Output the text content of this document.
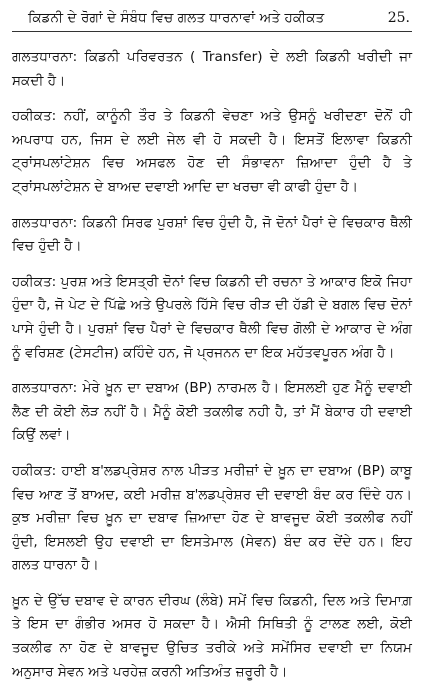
ਕਿਡਨੀ ਦੇ ਰੋਗਾਂ ਦੇ ਸੰਬੰਧ ਵਿਚ ਗਲਤ ਧਾਰਨਾਵਾਂ ਅਤੇ ਹਕੀਕਤ	25.

ਗਲਤਧਾਰਨਾ: ਕਿਡਨੀ ਪਰਿਵਰਤਨ ( Transfer) ਦੇ ਲਈ ਕਿਡਨੀ ਖਰੀਦੀ ਜਾ ਸਕਦੀ ਹੈ।

ਹਕੀਕਤ: ਨਹੀਂ, ਕਾਨੂੰਨੀ ਤੌਰ ਤੇ ਕਿਡਨੀ ਵੇਚਣਾ ਅਤੇ ਉਸਨੂੰ ਖਰੀਦਣਾ ਦੋਨੋਂ ਹੀ ਅਪਰਾਧ ਹਨ, ਜਿਸ ਦੇ ਲਈ ਜੇਲ ਵੀ ਹੋ ਸਕਦੀ ਹੈ। ਇਸਤੋਂ ਇਲਾਵਾ ਕਿਡਨੀ ਟ੍ਰਾਂਸਪਲਾਂਟੇਸ਼ਨ ਵਿਚ ਅਸਫਲ ਹੋਣ ਦੀ ਸੰਭਾਵਨਾ ਜ਼ਿਆਦਾ ਹੁੰਦੀ ਹੈ ਤੇ ਟ੍ਰਾਂਸਪਲਾਂਟੇਸ਼ਨ ਦੇ ਬਾਅਦ ਦਵਾਈ ਆਦਿ ਦਾ ਖਰਚਾ ਵੀ ਕਾਫੀ ਹੁੰਦਾ ਹੈ।

ਗਲਤਧਾਰਨਾ: ਕਿਡਨੀ ਸਿਰਫ ਪੁਰਸ਼ਾਂ ਵਿਚ ਹੁੰਦੀ ਹੈ, ਜੋ ਦੋਨਾਂ ਪੈਰਾਂ ਦੇ ਵਿਚਕਾਰ ਥੈਲੀ ਵਿਚ ਹੁੰਦੀ ਹੈ।

ਹਕੀਕਤ: ਪੁਰਸ਼ ਅਤੇ ਇਸਤ੍ਰੀ ਦੋਨਾਂ ਵਿਚ ਕਿਡਨੀ ਦੀ ਰਚਨਾ ਤੇ ਆਕਾਰ ਇਕੋ ਜਿਹਾ ਹੁੰਦਾ ਹੈ, ਜੋ ਪੇਟ ਦੇ ਪਿੱਛੇ ਅਤੇ ਉਪਰਲੇ ਹਿੱਸੇ ਵਿਚ ਰੀੜ ਦੀ ਹੱਡੀ ਦੇ ਬਗਲ ਵਿਚ ਦੋਨਾਂ ਪਾਸੇ ਹੁੰਦੀ ਹੈ। ਪੁਰਸ਼ਾਂ ਵਿਚ ਪੈਰਾਂ ਦੇ ਵਿਚਕਾਰ ਥੈਲੀ ਵਿਚ ਗੋਲੀ ਦੇ ਆਕਾਰ ਦੇ ਅੰਗ ਨੂੰ ਵਰਿਸ਼ਣ (ਟੇਸਟੀਜ) ਕਹਿੰਦੇ ਹਨ, ਜੋ ਪ੍ਰਜਨਨ ਦਾ ਇਕ ਮਹੱਤਵਪੂਰਨ ਅੰਗ ਹੈ।

ਗਲਤਧਾਰਨਾ: ਮੇਰੇ ਖ਼ੂਨ ਦਾ ਦਬਾਅ (BP) ਨਾਰਮਲ ਹੈ। ਇਸਲਈ ਹੁਣ ਮੈਨੂੰ ਦਵਾਈ ਲੈਣ ਦੀ ਕੋਈ ਲੋੜ ਨਹੀਂ ਹੈ। ਮੈਨੂੰ ਕੋਈ ਤਕਲੀਫ ਨਹੀ ਹੈ, ਤਾਂ ਮੈਂ ਬੇਕਾਰ ਹੀ ਦਵਾਈ ਕਿਉਂ ਲਵਾਂ।

ਹਕੀਕਤ: ਹਾਈ ਬ'ਲਡਪ੍ਰੇਸ਼ਰ ਨਾਲ ਪੀੜਤ ਮਰੀਜ਼ਾਂ ਦੇ ਖ਼ੂਨ ਦਾ ਦਬਾਅ (BP) ਕਾਬੂ ਵਿਚ ਆਣ ਤੋਂ ਬਾਅਦ, ਕਈ ਮਰੀਜ਼ ਬ'ਲਡਪ੍ਰੇਸ਼ਰ ਦੀ ਦਵਾਈ ਬੰਦ ਕਰ ਦਿੰਦੇ ਹਨ।ਕੁਝ ਮਰੀਜ਼ਾ ਵਿਚ ਖ਼ੂਨ ਦਾ ਦਬਾਵ ਜ਼ਿਆਦਾ ਹੋਣ ਦੇ ਬਾਵਜੂਦ ਕੋਈ ਤਕਲੀਫ ਨਹੀਂ ਹੁੰਦੀ, ਇਸਲਈ ਉਹ ਦਵਾਈ ਦਾ ਇਸਤੇਮਾਲ (ਸੇਵਨ) ਬੰਦ ਕਰ ਦੇਂਦੇ ਹਨ। ਇਹ ਗਲਤ ਧਾਰਨਾ ਹੈ।

ਖ਼ੂਨ ਦੇ ਉੱਚ ਦਬਾਵ ਦੇ ਕਾਰਨ ਦੀਰਘ (ਲੰਬੇ) ਸਮੇਂ ਵਿਚ ਕਿਡਨੀ, ਦਿਲ ਅਤੇ ਦਿਮਾਗ਼ ਤੇ ਇਸ ਦਾ ਗੰਭੀਰ ਅਸਰ ਹੋ ਸਕਦਾ ਹੈ। ਐਸੀ ਸਿਥਿਤੀ ਨੂੰ ਟਾਲਣ ਲਈ, ਕੋਈ ਤਕਲੀਫ ਨਾ ਹੋਣ ਦੇ ਬਾਵਜੂਦ ਉਚਿਤ ਤਰੀਕੇ ਅਤੇ ਸਮੇਂਸਿਰ ਦਵਾਈ ਦਾ ਨਿਯਮ ਅਨੁਸਾਰ ਸੇਵਨ ਅਤੇ ਪਰਹੇਜ਼ ਕਰਨੀ ਅਤਿਅੰਤ ਜ਼ਰੂਰੀ ਹੈ।
